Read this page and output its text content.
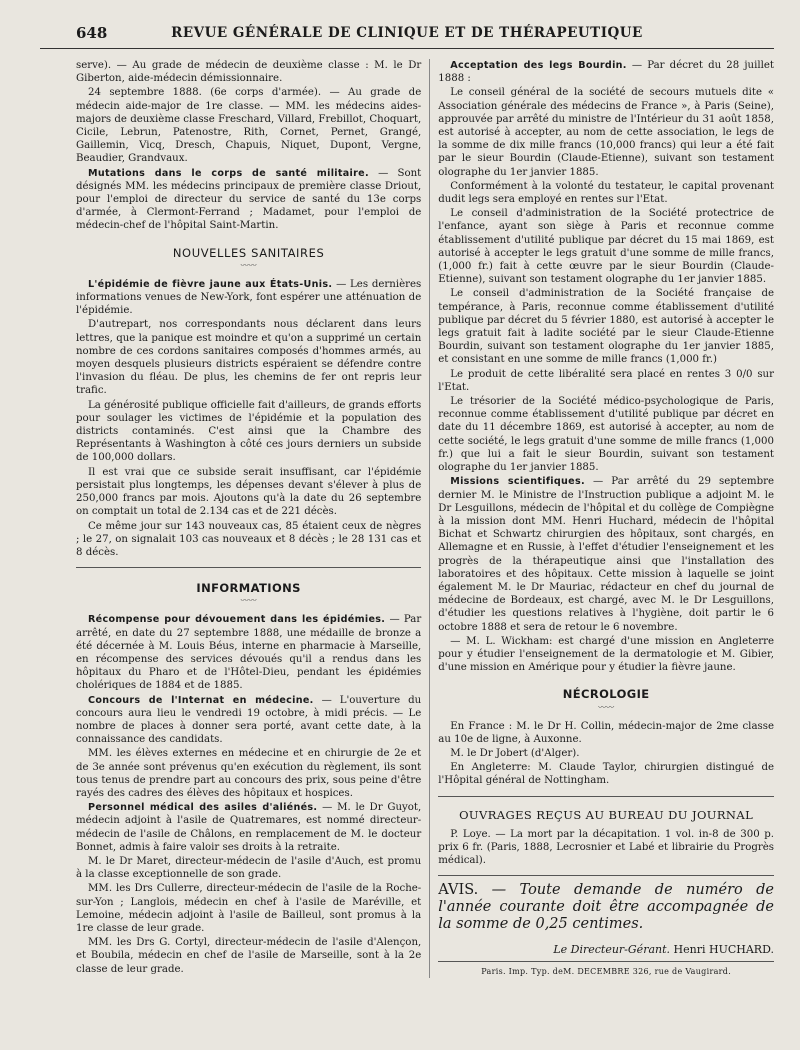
648	REVUE GÉNÉRALE DE CLINIQUE ET DE THÉRAPEUTIQUE

serve). — Au grade de médecin de deuxième classe : M. le Dr Giberton, aide-médecin démissionnaire.

24 septembre 1888. (6e corps d'armée). — Au grade de médecin aide-major de 1re classe. — MM. les médecins aides-majors de deuxième classe Freschard, Villard, Frebillot, Choquart, Cicile, Lebrun, Patenostre, Rith, Cornet, Pernet, Grangé, Gaillemin, Vicq, Dresch, Chapuis, Niquet, Dupont, Vergne, Beaudier, Grandvaux.

Mutations dans le corps de santé militaire. — Sont désignés MM. les médecins principaux de première classe Driout, pour l'emploi de directeur du service de santé du 13e corps d'armée, à Clermont-Ferrand ; Madamet, pour l'emploi de médecin-chef de l'hôpital Saint-Martin.

NOUVELLES SANITAIRES
〰〰

L'épidémie de fièvre jaune aux États-Unis. — Les dernières informations venues de New-York, font espérer une atténuation de l'épidémie.

D'autrepart, nos correspondants nous déclarent dans leurs lettres, que la panique est moindre et qu'on a supprimé un certain nombre de ces cordons sanitaires composés d'hommes armés, au moyen desquels plusieurs districts espéraient se défendre contre l'invasion du fléau. De plus, les chemins de fer ont repris leur trafic.

La générosité publique officielle fait d'ailleurs, de grands efforts pour soulager les victimes de l'épidémie et la population des districts contaminés. C'est ainsi que la Chambre des Représentants à Washington à côté ces jours derniers un subside de 100,000 dollars.

Il est vrai que ce subside serait insuffisant, car l'épidémie persistait plus longtemps, les dépenses devant s'élever à plus de 250,000 francs par mois. Ajoutons qu'à la date du 26 septembre on comptait un total de 2.134 cas et de 221 décès.

Ce même jour sur 143 nouveaux cas, 85 étaient ceux de nègres ; le 27, on signalait 103 cas nouveaux et 8 décès ; le 28 131 cas et 8 décès.

INFORMATIONS
〰〰

Récompense pour dévouement dans les épidémies. — Par arrêté, en date du 27 septembre 1888, une médaille de bronze a été décernée à M. Louis Béus, interne en pharmacie à Marseille, en récompense des services dévoués qu'il a rendus dans les hôpitaux du Pharo et de l'Hôtel-Dieu, pendant les épidémies cholériques de 1884 et de 1885.

Concours de l'Internat en médecine. — L'ouverture du concours aura lieu le vendredi 19 octobre, à midi précis. — Le nombre de places à donner sera porté, avant cette date, à la connaissance des candidats.

MM. les élèves externes en médecine et en chirurgie de 2e et de 3e année sont prévenus qu'en exécution du règlement, ils sont tous tenus de prendre part au concours des prix, sous peine d'être rayés des cadres des élèves des hôpitaux et hospices.

Personnel médical des asiles d'aliénés. — M. le Dr Guyot, médecin adjoint à l'asile de Quatremares, est nommé directeur-médecin de l'asile de Châlons, en remplacement de M. le docteur Bonnet, admis à faire valoir ses droits à la retraite.

M. le Dr Maret, directeur-médecin de l'asile d'Auch, est promu à la classe exceptionnelle de son grade.

MM. les Drs Cullerre, directeur-médecin de l'asile de la Roche-sur-Yon ; Langlois, médecin en chef à l'asile de Maréville, et Lemoine, médecin adjoint à l'asile de Bailleul, sont promus à la 1re classe de leur grade.

MM. les Drs G. Cortyl, directeur-médecin de l'asile d'Alençon, et Boubila, médecin en chef de l'asile de Marseille, sont à la 2e classe de leur grade.

Acceptation des legs Bourdin. — Par décret du 28 juillet 1888 :

Le conseil général de la société de secours mutuels dite « Association générale des médecins de France », à Paris (Seine), approuvée par arrêté du ministre de l'Intérieur du 31 août 1858, est autorisé à accepter, au nom de cette association, le legs de la somme de dix mille francs (10,000 francs) qui leur a été fait par le sieur Bourdin (Claude-Etienne), suivant son testament olographe du 1er janvier 1885.

Conformément à la volonté du testateur, le capital provenant dudit legs sera employé en rentes sur l'Etat.

Le conseil d'administration de la Société protectrice de l'enfance, ayant son siège à Paris et reconnue comme établissement d'utilité publique par décret du 15 mai 1869, est autorisé à accepter le legs gratuit d'une somme de mille francs, (1,000 fr.) fait à cette œuvre par le sieur Bourdin (Claude-Etienne), suivant son testament olographe du 1er janvier 1885.

Le conseil d'administration de la Société française de tempérance, à Paris, reconnue comme établissement d'utilité publique par décret du 5 février 1880, est autorisé à accepter le legs gratuit fait à ladite société par le sieur Claude-Etienne Bourdin, suivant son testament olographe du 1er janvier 1885, et consistant en une somme de mille francs (1,000 fr.)

Le produit de cette libéralité sera placé en rentes 3 0/0 sur l'Etat.

Le trésorier de la Société médico-psychologique de Paris, reconnue comme établissement d'utilité publique par décret en date du 11 décembre 1869, est autorisé à accepter, au nom de cette société, le legs gratuit d'une somme de mille francs (1,000 fr.) que lui a fait le sieur Bourdin, suivant son testament olographe du 1er janvier 1885.

Missions scientifiques. — Par arrêté du 29 septembre dernier M. le Ministre de l'Instruction publique a adjoint M. le Dr Lesguillons, médecin de l'hôpital et du collège de Compiègne à la mission dont MM. Henri Huchard, médecin de l'hôpital Bichat et Schwartz chirurgien des hôpitaux, sont chargés, en Allemagne et en Russie, à l'effet d'étudier l'enseignement et les progrès de la thérapeutique ainsi que l'installation des laboratoires et des hôpitaux. Cette mission à laquelle se joint également M. le Dr Mauriac, rédacteur en chef du journal de médecine de Bordeaux, est chargé, avec M. le Dr Lesguillons, d'étudier les questions relatives à l'hygiène, doit partir le 6 octobre 1888 et sera de retour le 6 novembre.

— M. L. Wickham: est chargé d'une mission en Angleterre pour y étudier l'enseignement de la dermatologie et M. Gibier, d'une mission en Amérique pour y étudier la fièvre jaune.

NÉCROLOGIE
〰〰

En France : M. le Dr H. Collin, médecin-major de 2me classe au 10e de ligne, à Auxonne.

M. le Dr Jobert (d'Alger).

En Angleterre: M. Claude Taylor, chirurgien distingué de l'Hôpital général de Nottingham.

OUVRAGES REÇUS AU BUREAU DU JOURNAL

P. Loye. — La mort par la décapitation. 1 vol. in-8 de 300 p. prix 6 fr. (Paris, 1888, Lecrosnier et Labé et librairie du Progrès médical).

AVIS. — Toute demande de numéro de l'année courante doit être accompagnée de la somme de 0,25 centimes.
Le Directeur-Gérant. Henri HUCHARD.
Paris. Imp. Typ. deM. DECEMBRE 326, rue de Vaugirard.
